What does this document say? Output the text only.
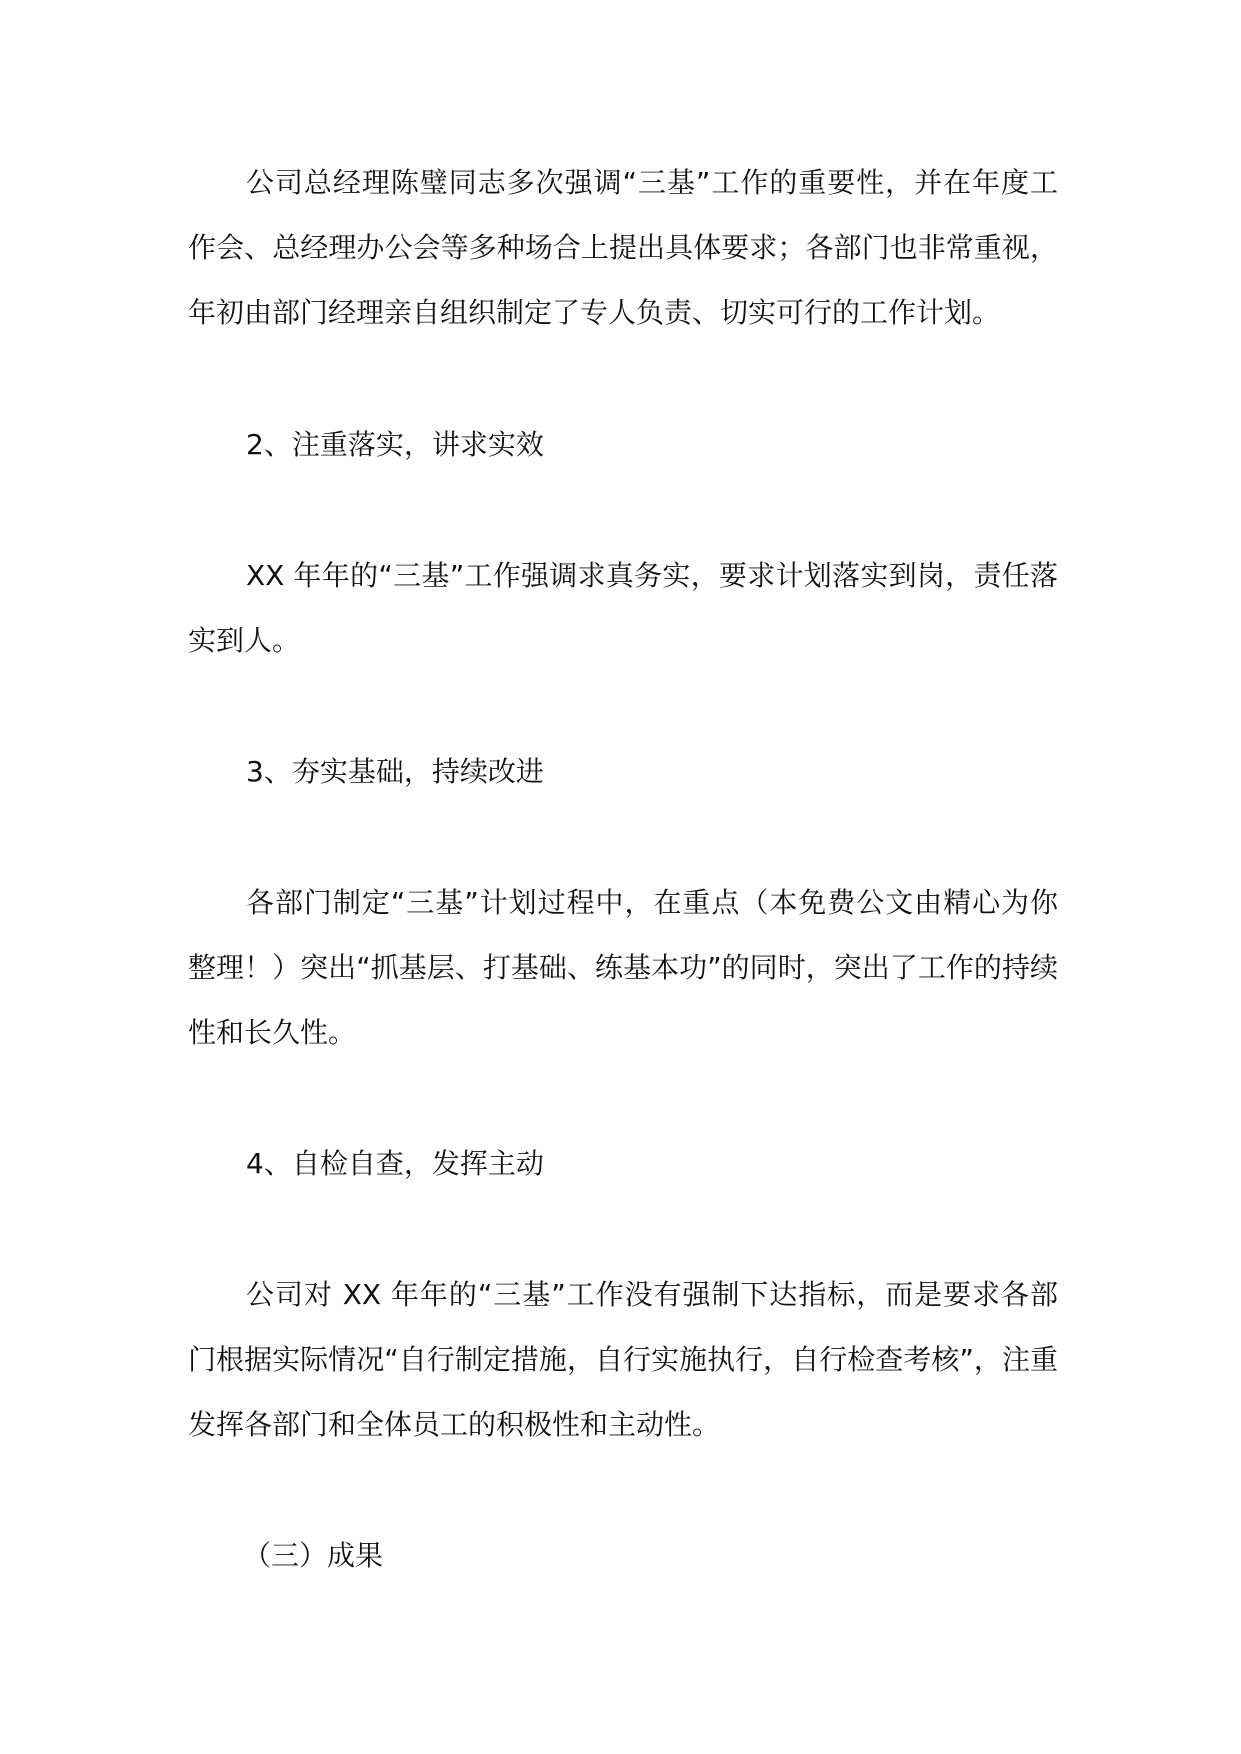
公司总经理陈璧同志多次强调“三基”工作的重要性，并在年度工作会、总经理办公会等多种场合上提出具体要求；各部门也非常重视，年初由部门经理亲自组织制定了专人负责、切实可行的工作计划。

2、注重落实，讲求实效

XX 年年的“三基”工作强调求真务实，要求计划落实到岗，责任落实到人。

3、夯实基础，持续改进

各部门制定“三基”计划过程中，在重点（本免费公文由精心为你整理！）突出“抓基层、打基础、练基本功”的同时，突出了工作的持续性和长久性。

4、自检自查，发挥主动

公司对 XX 年年的“三基”工作没有强制下达指标，而是要求各部门根据实际情况“自行制定措施，自行实施执行，自行检查考核”，注重发挥各部门和全体员工的积极性和主动性。

（三）成果
